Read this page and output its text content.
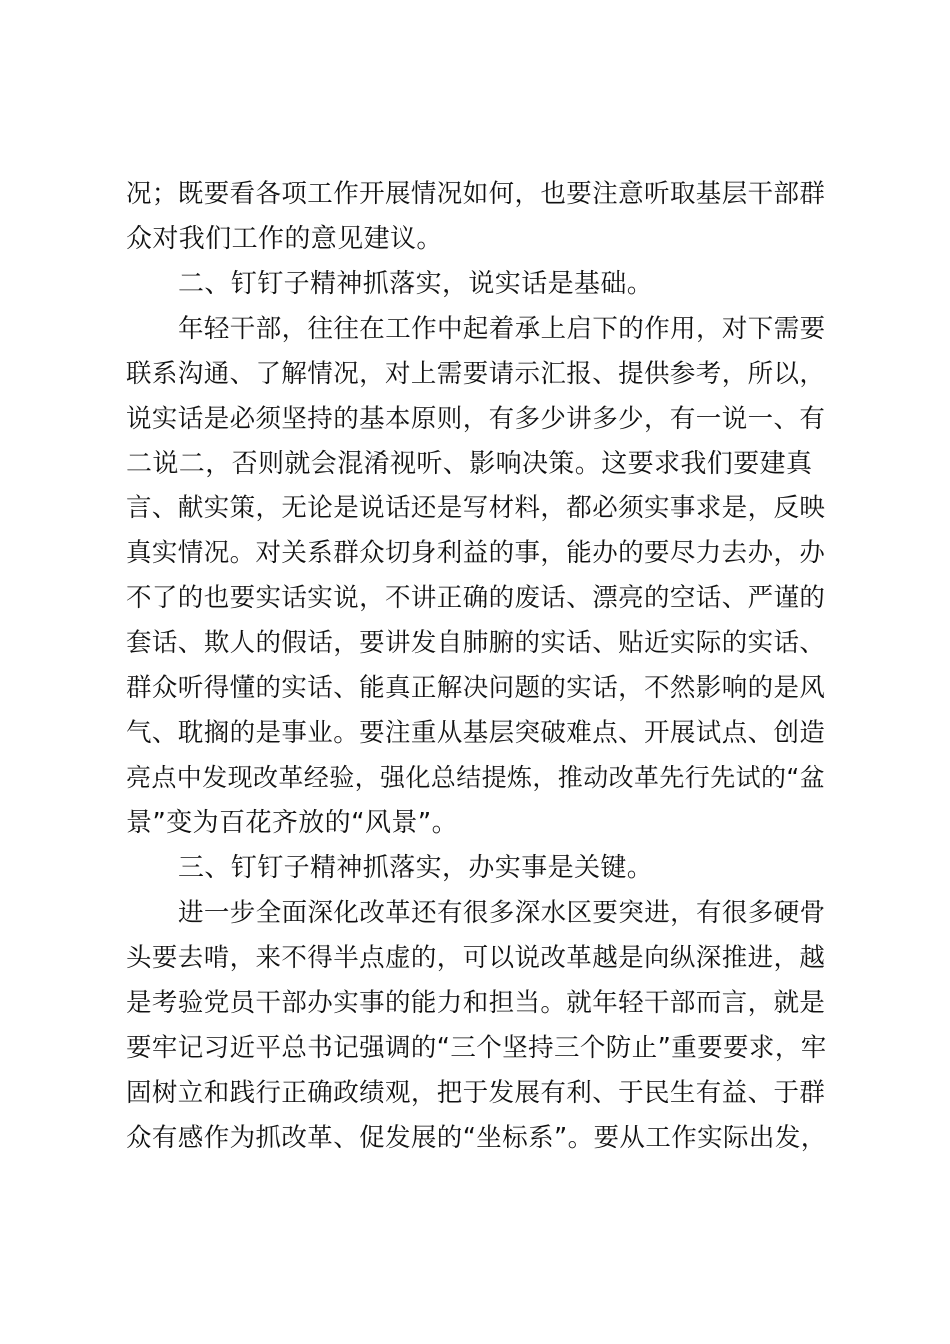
况；既要看各项工作开展情况如何，也要注意听取基层干部群

众对我们工作的意见建议。

二、钉钉子精神抓落实，说实话是基础。

年轻干部，往往在工作中起着承上启下的作用，对下需要

联系沟通、了解情况，对上需要请示汇报、提供参考，所以，

说实话是必须坚持的基本原则，有多少讲多少，有一说一、有

二说二，否则就会混淆视听、影响决策。这要求我们要建真

言、献实策，无论是说话还是写材料，都必须实事求是，反映

真实情况。对关系群众切身利益的事，能办的要尽力去办，办

不了的也要实话实说，不讲正确的废话、漂亮的空话、严谨的

套话、欺人的假话，要讲发自肺腑的实话、贴近实际的实话、

群众听得懂的实话、能真正解决问题的实话，不然影响的是风

气、耽搁的是事业。要注重从基层突破难点、开展试点、创造

亮点中发现改革经验，强化总结提炼，推动改革先行先试的“盆

景”变为百花齐放的“风景”。

三、钉钉子精神抓落实，办实事是关键。

进一步全面深化改革还有很多深水区要突进，有很多硬骨

头要去啃，来不得半点虚的，可以说改革越是向纵深推进，越

是考验党员干部办实事的能力和担当。就年轻干部而言，就是

要牢记习近平总书记强调的“三个坚持三个防止”重要要求，牢

固树立和践行正确政绩观，把于发展有利、于民生有益、于群

众有感作为抓改革、促发展的“坐标系”。要从工作实际出发，
